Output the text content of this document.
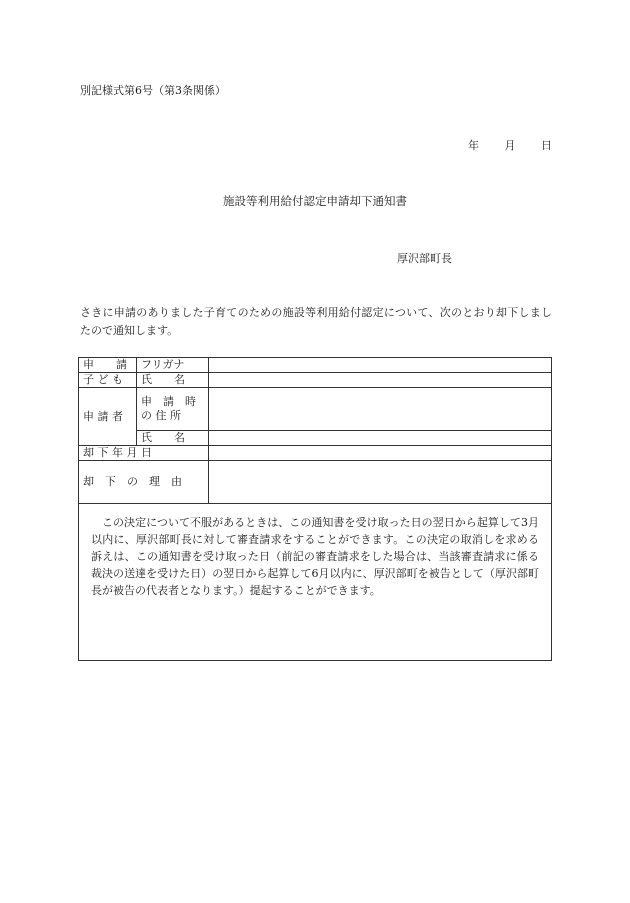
別記様式第6号（第3条関係）
年 月 日
施設等利用給付認定申請却下通知書
厚沢部町長
さきに申請のありました子育てのための施設等利用給付認定について、次のとおり却下しましたので通知します。
申　　請	フリガナ	
子 ど も	氏　　名	
申 請 者	申　請　時
の 住 所	

	氏　　名	
却 下 年 月 日		
却　下　の　理　由		

この決定について不服があるときは、この通知書を受け取った日の翌日から起算して3月以内に、厚沢部町長に対して審査請求をすることができます。この決定の取消しを求める訴えは、この通知書を受け取った日（前記の審査請求をした場合は、当該審査請求に係る裁決の送達を受けた日）の翌日から起算して6月以内に、厚沢部町を被告として（厚沢部町長が被告の代表者となります。）提起することができます。		
